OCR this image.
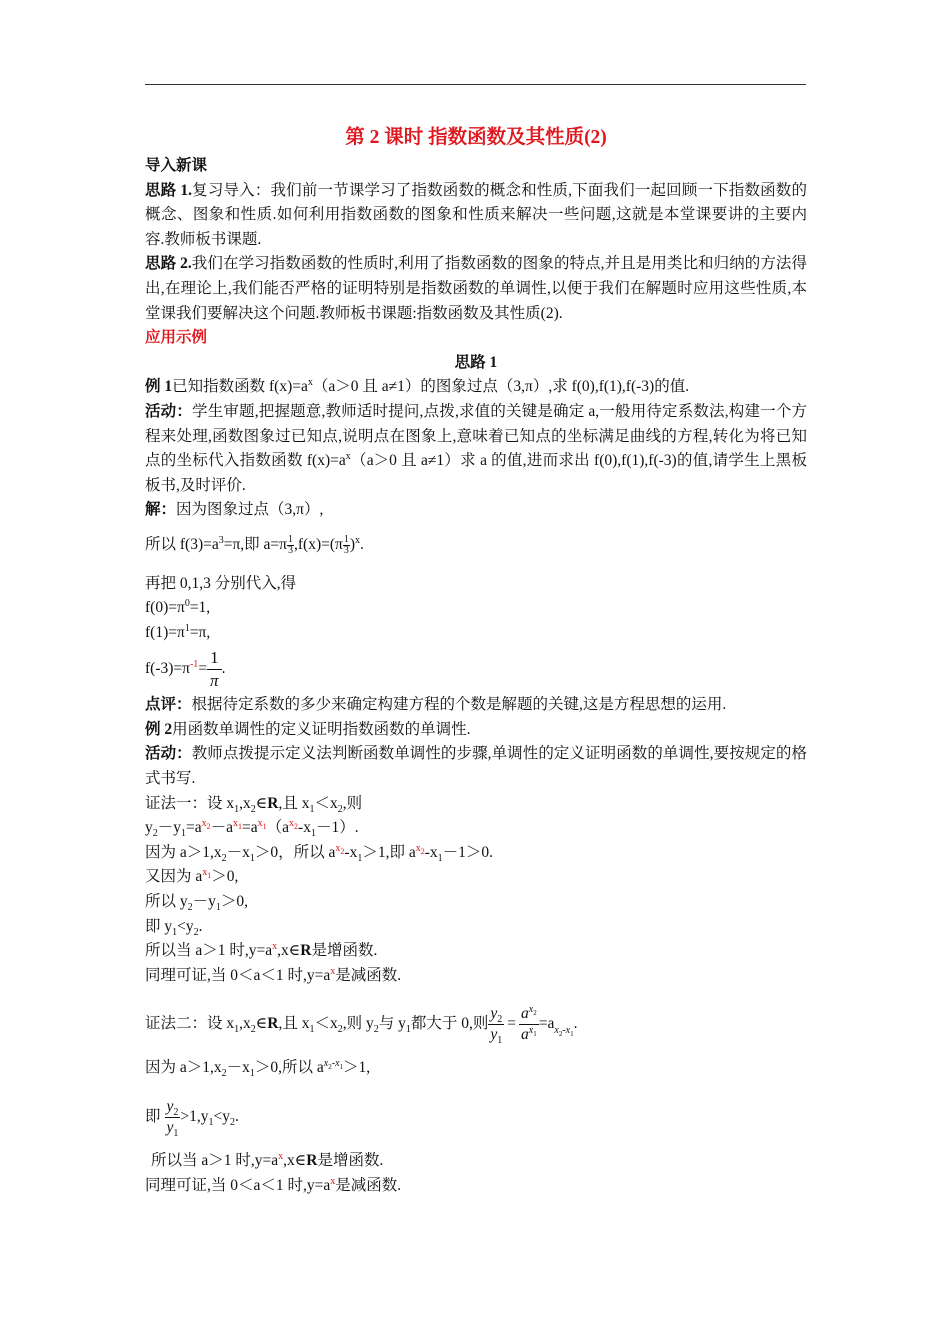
第 2 课时 指数函数及其性质(2)

导入新课

思路 1.复习导入：我们前一节课学习了指数函数的概念和性质,下面我们一起回顾一下指数函数的概念、图象和性质.如何利用指数函数的图象和性质来解决一些问题,这就是本堂课要讲的主要内容.教师板书课题.

思路 2.我们在学习指数函数的性质时,利用了指数函数的图象的特点,并且是用类比和归纳的方法得出,在理论上,我们能否严格的证明特别是指数函数的单调性,以便于我们在解题时应用这些性质,本堂课我们要解决这个问题.教师板书课题:指数函数及其性质(2).

应用示例

思路 1

例 1已知指数函数 $f(x)=a^x(a>0$ 且 a≠1）的图象过点（3,π）,求 f(0),f(1),f(-3)的值.

活动：学生审题,把握题意,教师适时提问,点拨,求值的关键是确定 a,一般用待定系数法,构建一个方程来处理,函数图象过已知点,说明点在图象上,意味着已知点的坐标满足曲线的方程,转化为将已知点的坐标代入指数函数 $f(x)=a^x(a>0$ 且 a≠1）求 a 的值,进而求出 f(0),f(1),f(-3)的值,请学生上黑板板书,及时评价.

解：因为图象过点（3,π）,

所以 $f(3)=a^3=\pi$,即 $a=\pi \frac{1}{3} ,f(x)=(\pi \frac{1}{3} )^x$.

再把 0,1,3 分别代入,得

$f(0)=\pi^0=1$,

$f(1)=\pi^1=\pi$,

$f(-3)=\pi^{-1}= \frac{1}{\pi}$ .

点评：根据待定系数的多少来确定构建方程的个数是解题的关键,这是方程思想的运用.

例 2用函数单调性的定义证明指数函数的单调性.

活动：教师点拨提示定义法判断函数单调性的步骤,单调性的定义证明函数的单调性,要按规定的格式书写.

证法一：设 $x_1,x_2\in R$,且 $x_1<x_2$,则

$y_2-y_1=a^{x_2}-a^{x_1}=a^{x_1}(a^{x_2}-x_1-1)$.

因为 $a>1,x_2-x_1>0$，所以 $a^{x_2}-x_1>1$,即 $a^{x_2}-x_1-1>0$.

又因为 $a^{x_1}>0$,

所以 $y_2-y_1>0$,

即 $y_1<y_2$.

所以当 a＞1 时$,y=a^x,x\in R$是增函数.

同理可证,当 0＜a＜1 时$,y=a^x$是减函数.

证法二：设 $x_1,x_2\in R$,且 $x_1<x_2$,则 $y_2$与 $y_1$都大于 0,则 $\frac{y_2}{y_1} = \frac{a^{x_2}}{a^{x_1}} =a_{x_2-x_1}$.

因为 $a>1,x_2-x_1>0$,所以 $a^{x_2-x_1}>1$,

即 $\frac{y_2}{y_1} >1,y_1<y_2$.

所以当 a＞1 时$,y=a^x,x\in R$是增函数.

同理可证,当 0＜a＜1 时$,y=a^x$是减函数.
